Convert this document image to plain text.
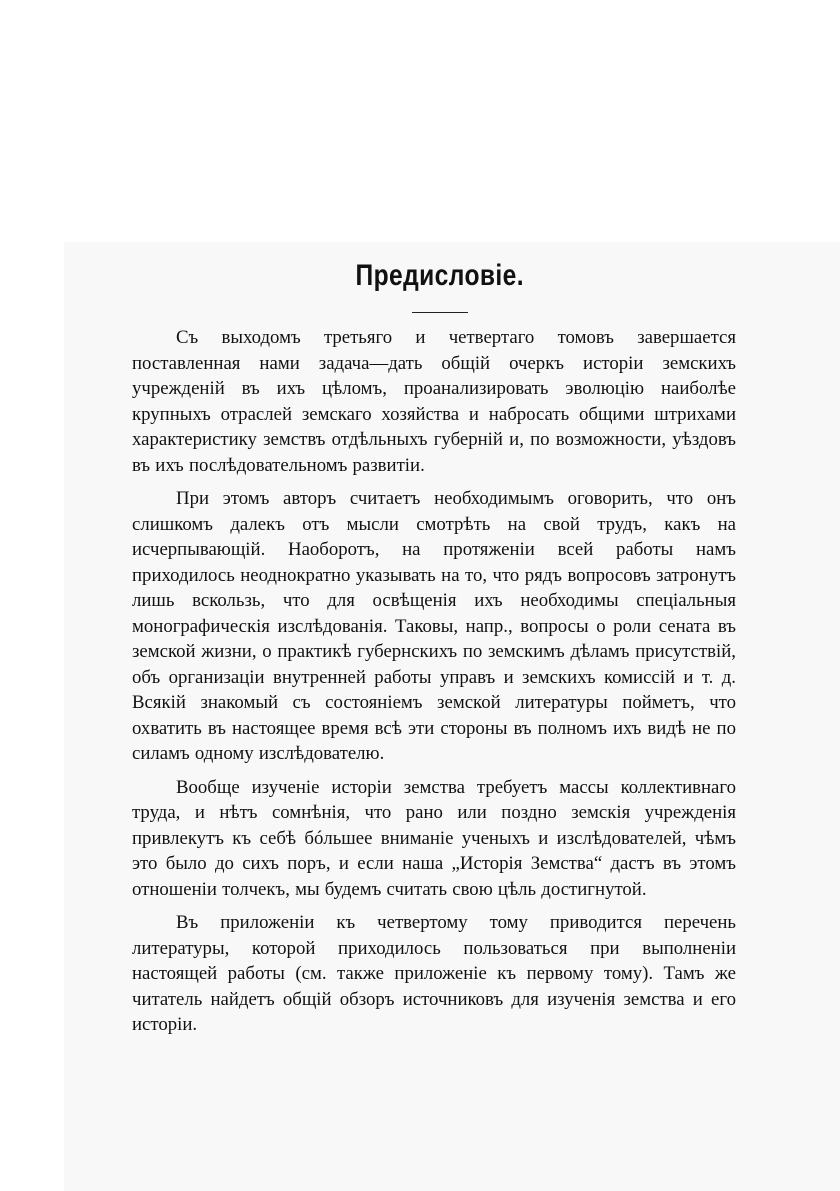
Предисловіе.

Съ выходомъ третьяго и четвертаго томовъ завершается поставленная нами задача—дать общій очеркъ исторіи земскихъ учрежденій въ ихъ цѣломъ, проанализировать эволюцію наиболѣе крупныхъ отраслей земскаго хозяйства и набросать общими штрихами характеристику земствъ отдѣльныхъ губерній и, по возможности, уѣздовъ въ ихъ послѣдовательномъ развитіи.

При этомъ авторъ считаетъ необходимымъ оговорить, что онъ слишкомъ далекъ отъ мысли смотрѣть на свой трудъ, какъ на исчерпывающій. Наоборотъ, на протяженіи всей работы намъ приходилось неоднократно указывать на то, что рядъ вопросовъ затронутъ лишь вскользь, что для освѣщенія ихъ необходимы спеціальныя монографическія изслѣдованія. Таковы, напр., вопросы о роли сената въ земской жизни, о практикѣ губернскихъ по земскимъ дѣламъ присутствій, объ организаціи внутренней работы управъ и земскихъ комиссій и т. д. Всякій знакомый съ состояніемъ земской литературы пойметъ, что охватить въ настоящее время всѣ эти стороны въ полномъ ихъ видѣ не по силамъ одному изслѣдователю.

Вообще изученіе исторіи земства требуетъ массы коллективнаго труда, и нѣтъ сомнѣнія, что рано или поздно земскія учрежденія привлекутъ къ себѣ бóльшее вниманіе ученыхъ и изслѣдователей, чѣмъ это было до сихъ поръ, и если наша „Исторія Земства“ дастъ въ этомъ отношеніи толчекъ, мы будемъ считать свою цѣль достигнутой.

Въ приложеніи къ четвертому тому приводится перечень литературы, которой приходилось пользоваться при выполненіи настоящей работы (см. также приложеніе къ первому тому). Тамъ же читатель найдетъ общій обзоръ источниковъ для изученія земства и его исторіи.
